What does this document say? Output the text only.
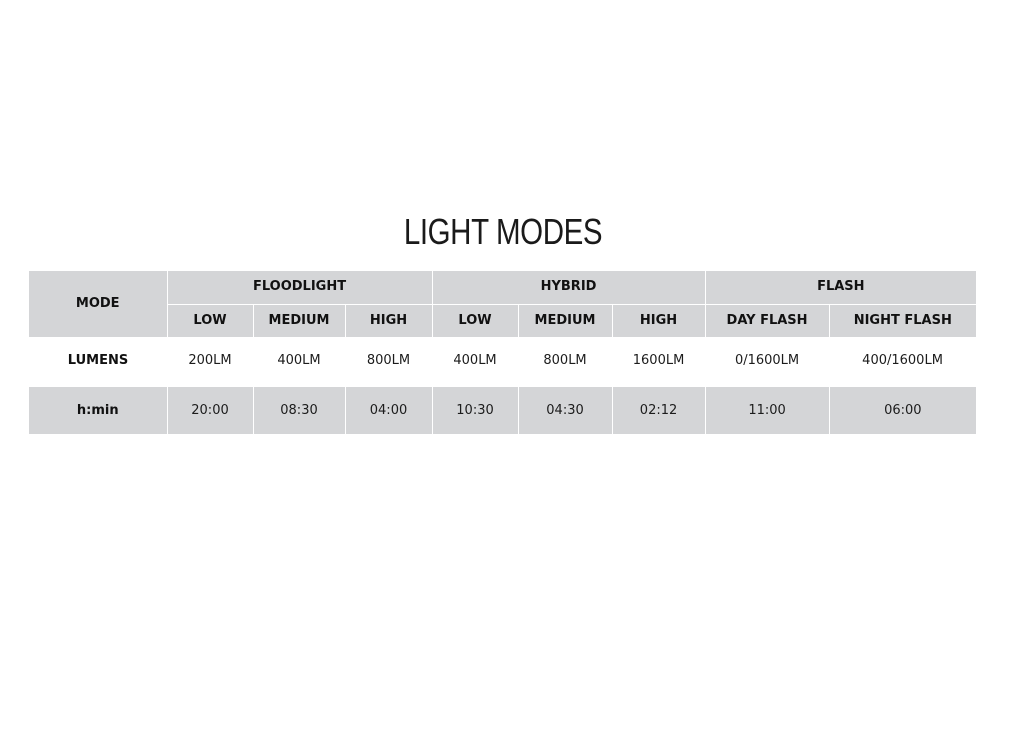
LIGHT MODES
MODE	FLOODLIGHT			HYBRID			FLASH	
	LOW	MEDIUM	HIGH	LOW	MEDIUM	HIGH	DAY FLASH	NIGHT FLASH
LUMENS	200LM	400LM	800LM	400LM	800LM	1600LM	0/1600LM	400/1600LM
h:min	20:00	08:30	04:00	10:30	04:30	02:12	11:00	06:00
